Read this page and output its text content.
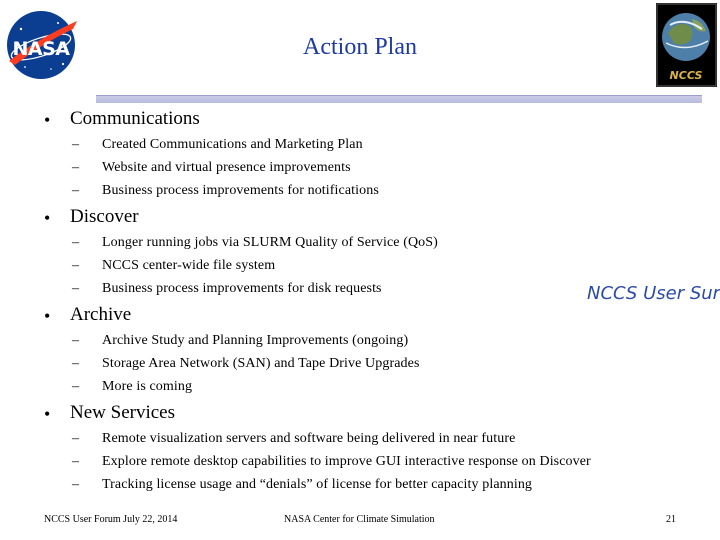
NASA
NCCS
Action Plan
• Communications
– Created Communications and Marketing Plan
– Website and virtual presence improvements
– Business process improvements for notifications
• Discover
– Longer running jobs via SLURM Quality of Service (QoS)
– NCCS center-wide file system
– Business process improvements for disk requests	NCCS User Sur
• Archive
– Archive Study and Planning Improvements (ongoing)
– Storage Area Network (SAN) and Tape Drive Upgrades
– More is coming
• New Services
– Remote visualization servers and software being delivered in near future
– Explore remote desktop capabilities to improve GUI interactive response on Discover
– Tracking license usage and “denials” of license for better capacity planning
NCCS User Forum July 22, 2014	NASA Center for Climate Simulation	21
